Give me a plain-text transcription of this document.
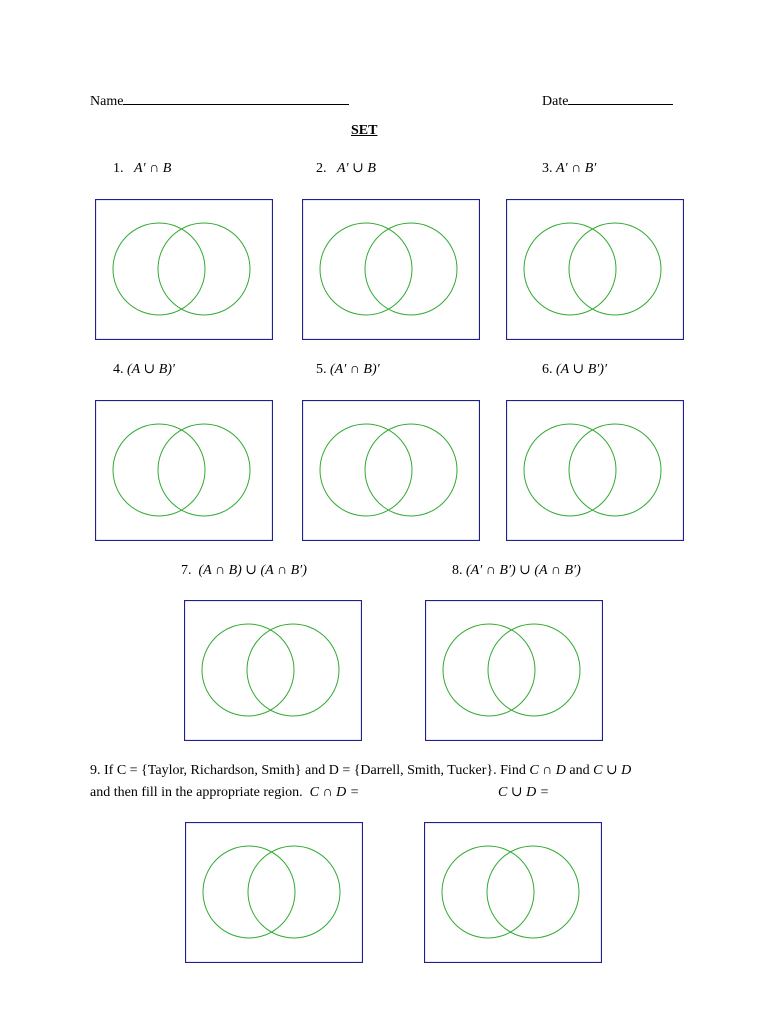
Name	Date
SET
1. A′ ∩ B	2. A′ ∪ B	3. A′ ∩ B′
4. (A ∪ B)′	5. (A′ ∩ B)′	6. (A ∪ B′)′
7. (A ∩ B) ∪ (A ∩ B′)	8. (A′ ∩ B′) ∪ (A ∩ B′)
9. If C = {Taylor, Richardson, Smith} and D = {Darrell, Smith, Tucker}. Find C ∩ D and C ∪ D
and then fill in the appropriate region. C ∩ D =	C ∪ D =
